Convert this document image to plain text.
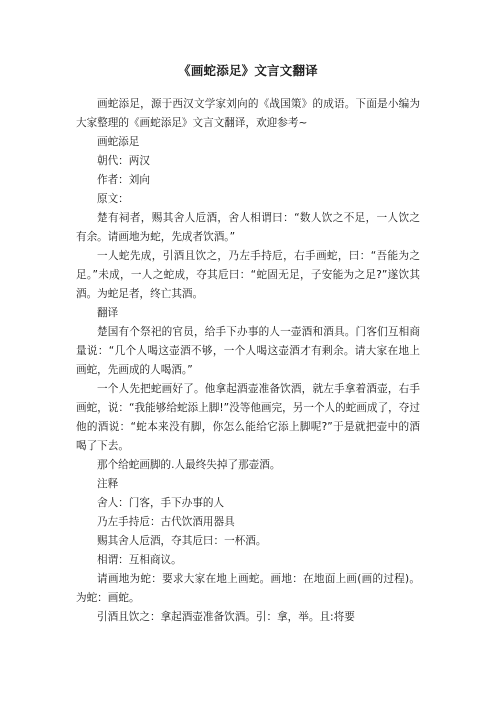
《画蛇添足》文言文翻译

画蛇添足，源于西汉文学家刘向的《战国策》的成语。下面是小编为大家整理的《画蛇添足》文言文翻译，欢迎参考~

画蛇添足

朝代：两汉

作者：刘向

原文：

楚有祠者，赐其舍人卮酒，舍人相谓曰：“数人饮之不足，一人饮之有余。请画地为蛇，先成者饮酒。”

一人蛇先成，引酒且饮之，乃左手持卮，右手画蛇，曰：“吾能为之足。”未成，一人之蛇成，夺其卮曰：“蛇固无足，子安能为之足?”遂饮其酒。为蛇足者，终亡其酒。

翻译

楚国有个祭祀的官员，给手下办事的人一壶酒和酒具。门客们互相商量说：“几个人喝这壶酒不够，一个人喝这壶酒才有剩余。请大家在地上画蛇，先画成的人喝酒。”

一个人先把蛇画好了。他拿起酒壶准备饮酒，就左手拿着酒壶，右手画蛇，说：“我能够给蛇添上脚!”没等他画完，另一个人的蛇画成了，夺过他的酒说：“蛇本来没有脚，你怎么能给它添上脚呢?”于是就把壶中的酒喝了下去。

那个给蛇画脚的.人最终失掉了那壶酒。

注释

舍人：门客，手下办事的人

乃左手持卮：古代饮酒用器具

赐其舍人卮酒，夺其卮曰：一杯酒。

相谓：互相商议。

请画地为蛇：要求大家在地上画蛇。画地：在地面上画(画的过程)。为蛇：画蛇。

引酒且饮之：拿起酒壶准备饮酒。引：拿，举。且:将要
